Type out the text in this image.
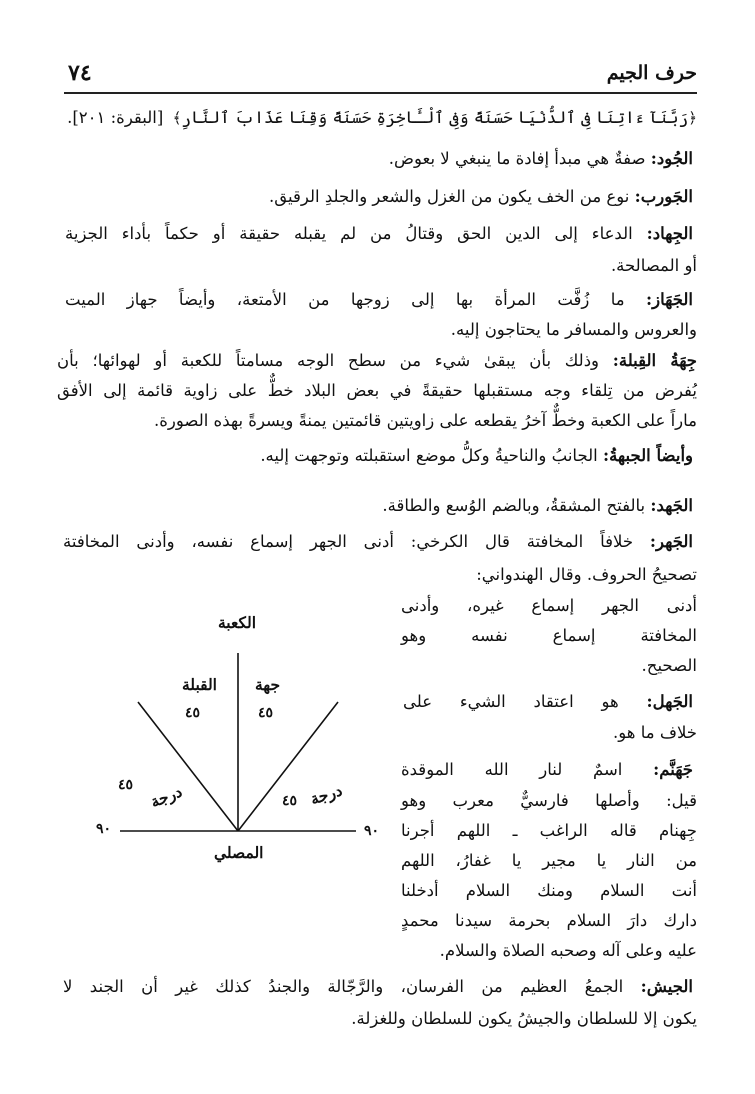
حرف الجيم
٧٤
﴿رَبَّنَآ ءَاتِنَا فِى ٱلدُّنْيَا حَسَنَةً وَفِى ٱلْـَٔاخِرَةِ حَسَنَةً وَقِنَا عَذَابَ ٱلنَّارِ﴾ [البقرة: ٢٠١].
الجُود: صفةٌ هي مبدأ إفادة ما ينبغي لا بعوض.
الجَورب: نوع من الخف يكون من الغزل والشعر والجلدِ الرقيق.
الجِهاد: الدعاء إلى الدين الحق وقتالُ من لم يقبله حقيقة أو حكماً بأداء الجزية
أو المصالحة.
الجَهَاز: ما زُفَّت المرأة بها إلى زوجها من الأمتعة، وأيضاً جهاز الميت
والعروس والمسافر ما يحتاجون إليه.
جِهَةُ القِبلة: وذلك بأن يبقىٰ شيء من سطح الوجه مسامتاً للكعبة أو لهوائها؛ بأن
يُفرض من تِلقاء وجه مستقبلها حقيقةً في بعض البلاد خطٌّ على زاوية قائمة إلى الأفق
ماراً على الكعبة وخطٌّ آخرُ يقطعه على زاويتين قائمتين يمنةً ويسرةً بهذه الصورة.
وأيضاً الجبهةُ: الجانبُ والناحيةُ وكلُّ موضع استقبلته وتوجهت إليه.
الجَهد: بالفتح المشقةُ، وبالضم الوُسع والطاقة.
الجَهر: خلافاً المخافتة قال الكرخي: أدنى الجهر إسماع نفسه، وأدنى المخافتة
تصحيحُ الحروف. وقال الهندواني:
أدنى الجهر إسماع غيره، وأدنى
المخافتة إسماع نفسه وهو
الصحيح.
الجَهل: هو اعتقاد الشيء على
خلاف ما هو.
جَهَنَّم: اسمٌ لنار الله الموقدة
قيل: وأصلها فارسيٌّ معرب وهو
جِهنام قاله الراغب ـ اللهم أجرنا
من النار يا مجير يا غفارُ، اللهم
أنت السلام ومنك السلام أدخلنا
دارك دارَ السلام بحرمة سيدنا محمدٍ
عليه وعلى آله وصحبه الصلاة والسلام.
الجيش: الجمعُ العظيم من الفرسان، والرَّجّالة والجندُ كذلك غير أن الجند لا
يكون إلا للسلطان والجيشُ يكون للسلطان وللغزلة.
الكعبة
جهة
القبلة
٤٥
٤٥
درجة
٤٥	درجة
٤٥
٩٠	٩٠
المصلي
